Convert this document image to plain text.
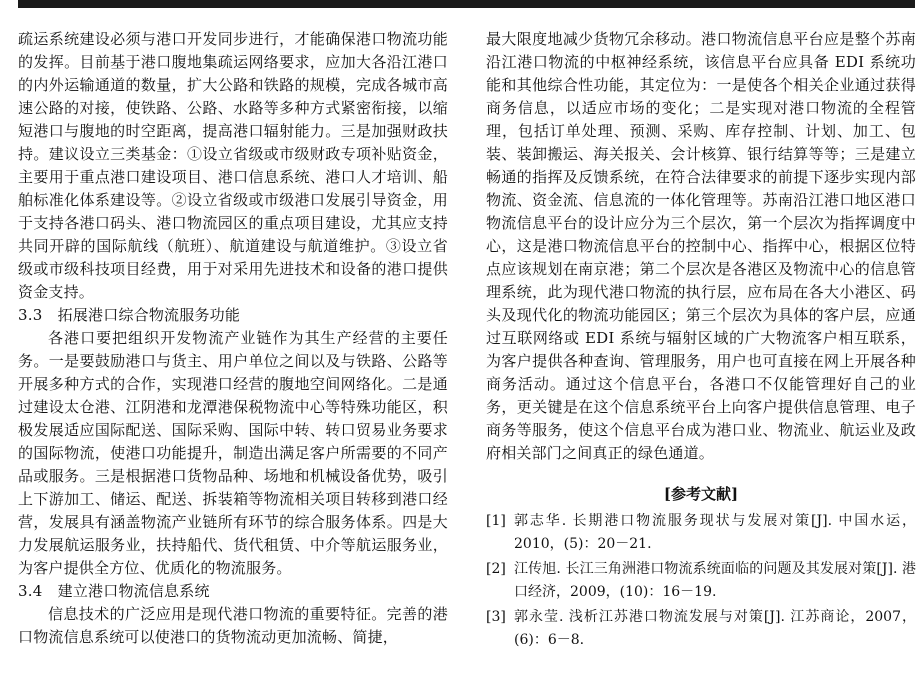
疏运系统建设必须与港口开发同步进行，才能确保港口物流功能的发挥。目前基于港口腹地集疏运网络要求，应加大各沿江港口的内外运输通道的数量，扩大公路和铁路的规模，完成各城市高速公路的对接，使铁路、公路、水路等多种方式紧密衔接，以缩短港口与腹地的时空距离，提高港口辐射能力。三是加强财政扶持。建议设立三类基金：①设立省级或市级财政专项补贴资金，主要用于重点港口建设项目、港口信息系统、港口人才培训、船舶标准化体系建设等。②设立省级或市级港口发展引导资金，用于支持各港口码头、港口物流园区的重点项目建设，尤其应支持共同开辟的国际航线（航班）、航道建设与航道维护。③设立省级或市级科技项目经费，用于对采用先进技术和设备的港口提供资金支持。

3.3　拓展港口综合物流服务功能

各港口要把组织开发物流产业链作为其生产经营的主要任务。一是要鼓励港口与货主、用户单位之间以及与铁路、公路等开展多种方式的合作，实现港口经营的腹地空间网络化。二是通过建设太仓港、江阴港和龙潭港保税物流中心等特殊功能区，积极发展适应国际配送、国际采购、国际中转、转口贸易业务要求的国际物流，使港口功能提升，制造出满足客户所需要的不同产品或服务。三是根据港口货物品种、场地和机械设备优势，吸引上下游加工、储运、配送、拆装箱等物流相关项目转移到港口经营，发展具有涵盖物流产业链所有环节的综合服务体系。四是大力发展航运服务业，扶持船代、货代租赁、中介等航运服务业，为客户提供全方位、优质化的物流服务。

3.4　建立港口物流信息系统

信息技术的广泛应用是现代港口物流的重要特征。完善的港口物流信息系统可以使港口的货物流动更加流畅、简捷，

最大限度地减少货物冗余移动。港口物流信息平台应是整个苏南沿江港口物流的中枢神经系统，该信息平台应具备 EDI 系统功能和其他综合性功能，其定位为：一是使各个相关企业通过获得商务信息，以适应市场的变化；二是实现对港口物流的全程管理，包括订单处理、预测、采购、库存控制、计划、加工、包装、装卸搬运、海关报关、会计核算、银行结算等等；三是建立畅通的指挥及反馈系统，在符合法律要求的前提下逐步实现内部物流、资金流、信息流的一体化管理等。苏南沿江港口地区港口物流信息平台的设计应分为三个层次，第一个层次为指挥调度中心，这是港口物流信息平台的控制中心、指挥中心，根据区位特点应该规划在南京港；第二个层次是各港区及物流中心的信息管理系统，此为现代港口物流的执行层，应布局在各大小港区、码头及现代化的物流功能园区；第三个层次为具体的客户层，应通过互联网络或 EDI 系统与辐射区域的广大物流客户相互联系，为客户提供各种查询、管理服务，用户也可直接在网上开展各种商务活动。通过这个信息平台，各港口不仅能管理好自己的业务，更关键是在这个信息系统平台上向客户提供信息管理、电子商务等服务，使这个信息平台成为港口业、物流业、航运业及政府相关部门之间真正的绿色通道。

[参考文献]
[1] 郭志华. 长期港口物流服务现状与发展对策[J]. 中国水运，2010，(5)：20－21.
[2] 江传旭. 长江三角洲港口物流系统面临的问题及其发展对策[J]. 港口经济，2009，(10)：16－19.
[3] 郭永莹. 浅析江苏港口物流发展与对策[J]. 江苏商论，2007，(6)：6－8.
